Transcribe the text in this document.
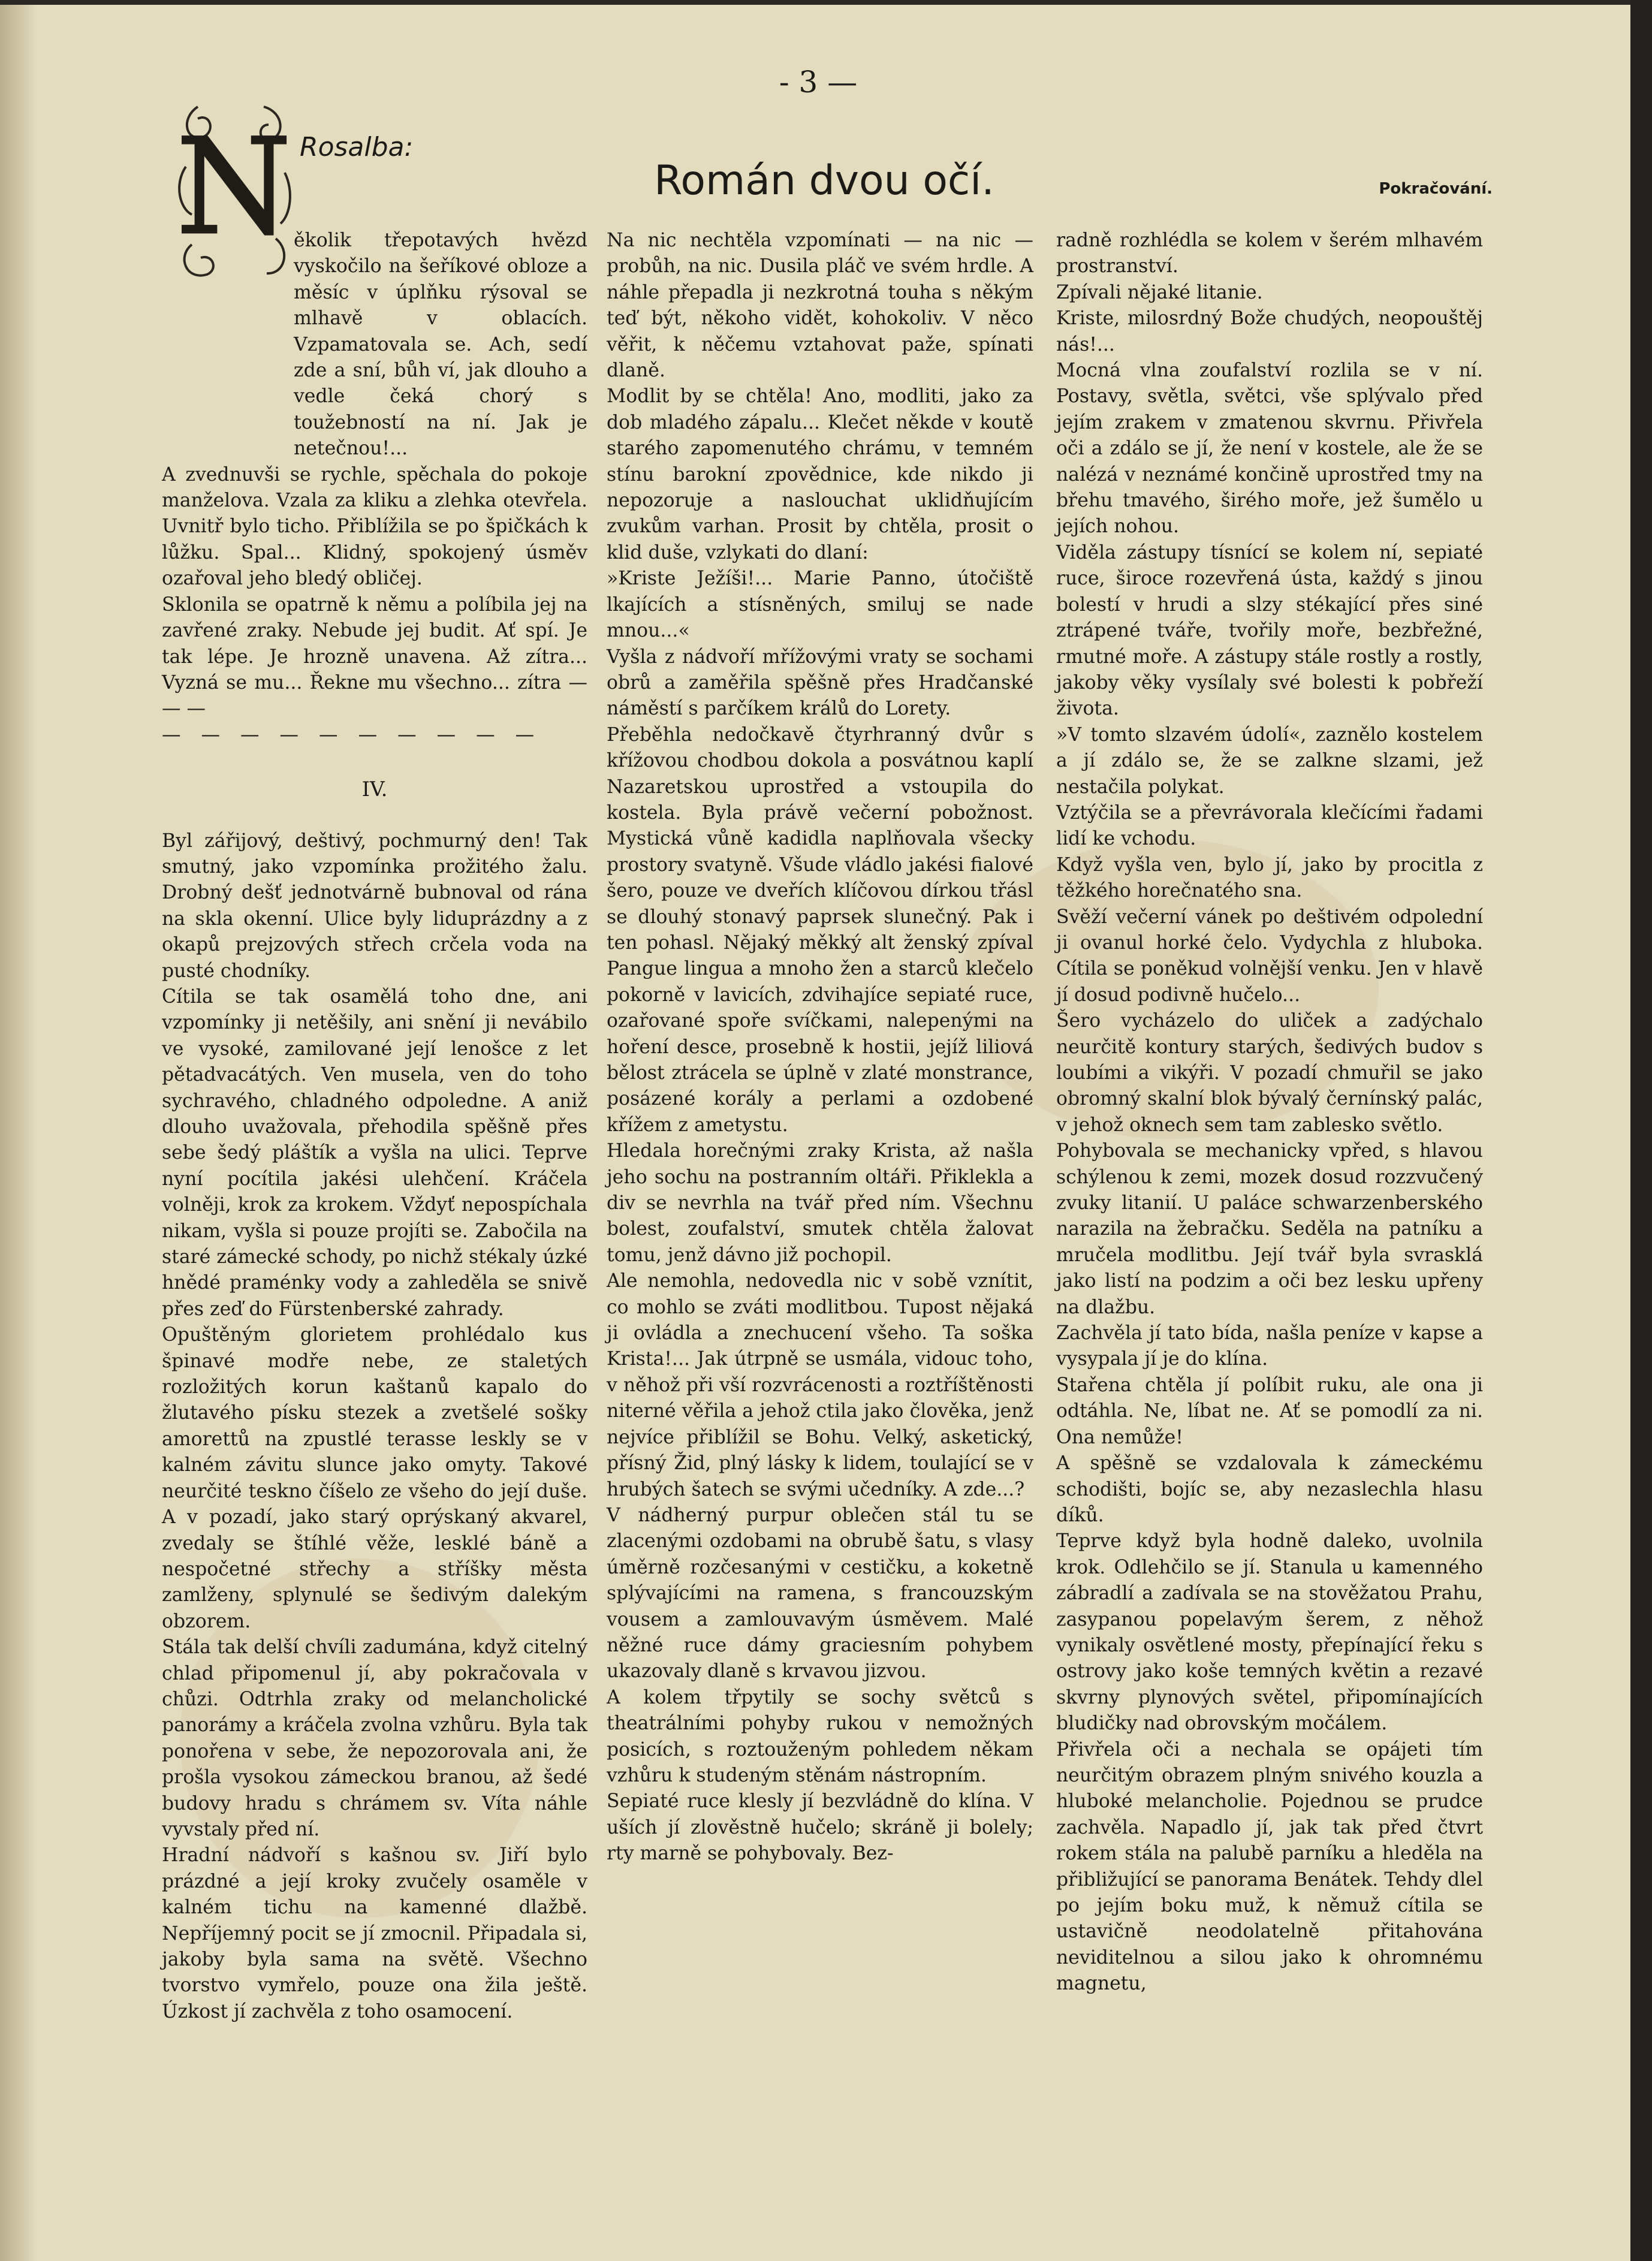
- 3 —
Rosalba:
Román dvou očí.	Pokračování.
N ěkolik třepotavých hvězd vyskočilo na šeříkové obloze a měsíc v úplňku rýsoval se mlhavě v oblacích. Vzpamatovala se. Ach, sedí zde a sní, bůh ví, jak dlouho a vedle čeká chorý s toužebností na ní. Jak je netečnou!...

A zvednuvši se rychle, spěchala do pokoje manželova. Vzala za kliku a zlehka otevřela. Uvnitř bylo ticho. Přiblížila se po špičkách k lůžku. Spal... Klidný, spokojený úsměv ozařoval jeho bledý obličej.

Sklonila se opatrně k němu a políbila jej na zavřené zraky. Nebude jej budit. Ať spí. Je tak lépe. Je hrozně unavena. Až zítra... Vyzná se mu... Řekne mu všechno... zítra — — —

— — — — — — — — — —

IV.

Byl zářijový, deštivý, pochmurný den! Tak smutný, jako vzpomínka prožitého žalu. Drobný dešť jednotvárně bubnoval od rána na skla okenní. Ulice byly liduprázdny a z okapů prejzových střech crčela voda na pusté chodníky.

Cítila se tak osamělá toho dne, ani vzpomínky ji netěšily, ani snění ji nevábilo ve vysoké, zamilované její lenošce z let pětadvacátých. Ven musela, ven do toho sychravého, chladného odpoledne. A aniž dlouho uvažovala, přehodila spěšně přes sebe šedý pláštík a vyšla na ulici. Teprve nyní pocítila jakési ulehčení. Kráčela volněji, krok za krokem. Vždyť nepospíchala nikam, vyšla si pouze projíti se. Zabočila na staré zámecké schody, po nichž stékaly úzké hnědé praménky vody a zahleděla se snivě přes zeď do Fürstenberské zahrady.

Opuštěným glorietem prohlédalo kus špinavé modře nebe, ze staletých rozložitých korun kaštanů kapalo do žlutavého písku stezek a zvetšelé sošky amorettů na zpustlé terasse leskly se v kalném závitu slunce jako omyty. Takové neurčité teskno číšelo ze všeho do její duše. A v pozadí, jako starý oprýskaný akvarel, zvedaly se štíhlé věže, lesklé báně a nespočetné střechy a stříšky města zamlženy, splynulé se šedivým dalekým obzorem.

Stála tak delší chvíli zadumána, když citelný chlad připomenul jí, aby pokračovala v chůzi. Odtrhla zraky od melancholické panorámy a kráčela zvolna vzhůru. Byla tak ponořena v sebe, že nepozorovala ani, že prošla vysokou zámeckou branou, až šedé budovy hradu s chrámem sv. Víta náhle vyvstaly před ní.

Hradní nádvoří s kašnou sv. Jiří bylo prázdné a její kroky zvučely osaměle v kalném tichu na kamenné dlažbě. Nepříjemný pocit se jí zmocnil. Připadala si, jakoby byla sama na světě. Všechno tvorstvo vymřelo, pouze ona žila ještě. Úzkost jí zachvěla z toho osamocení.

Na nic nechtěla vzpomínati — na nic — probůh, na nic. Dusila pláč ve svém hrdle. A náhle přepadla ji nezkrotná touha s někým teď být, někoho vidět, kohokoliv. V něco věřit, k něčemu vztahovat paže, spínati dlaně.

Modlit by se chtěla! Ano, modliti, jako za dob mladého zápalu... Klečet někde v koutě starého zapomenutého chrámu, v temném stínu barokní zpovědnice, kde nikdo ji nepozoruje a naslouchat uklidňujícím zvukům varhan. Prosit by chtěla, prosit o klid duše, vzlykati do dlaní:

»Kriste Ježíši!... Marie Panno, útočiště lkajících a stísněných, smiluj se nade mnou...«

Vyšla z nádvoří mřížovými vraty se sochami obrů a zaměřila spěšně přes Hradčanské náměstí s parčíkem králů do Lorety.

Přeběhla nedočkavě čtyrhranný dvůr s křížovou chodbou dokola a posvátnou kaplí Nazaretskou uprostřed a vstoupila do kostela. Byla právě večerní pobožnost. Mystická vůně kadidla naplňovala všecky prostory svatyně. Všude vládlo jakési fialové šero, pouze ve dveřích klíčovou dírkou třásl se dlouhý stonavý paprsek slunečný. Pak i ten pohasl. Nějaký měkký alt ženský zpíval Pangue lingua a mnoho žen a starců klečelo pokorně v lavicích, zdvihajíce sepiaté ruce, ozařované spoře svíčkami, nalepenými na hoření desce, prosebně k hostii, jejíž liliová bělost ztrácela se úplně v zlaté monstrance, posázené korály a perlami a ozdobené křížem z ametystu.

Hledala horečnými zraky Krista, až našla jeho sochu na postranním oltáři. Přiklekla a div se nevrhla na tvář před ním. Všechnu bolest, zoufalství, smutek chtěla žalovat tomu, jenž dávno již pochopil.

Ale nemohla, nedovedla nic v sobě vznítit, co mohlo se zváti modlitbou. Tupost nějaká ji ovládla a znechucení všeho. Ta soška Krista!... Jak útrpně se usmála, vidouc toho, v něhož při vší rozvrácenosti a roztříštěnosti niterné věřila a jehož ctila jako člověka, jenž nejvíce přiblížil se Bohu. Velký, asketický, přísný Žid, plný lásky k lidem, toulající se v hrubých šatech se svými učedníky. A zde...?

V nádherný purpur oblečen stál tu se zlacenými ozdobami na obrubě šatu, s vlasy úměrně rozčesanými v cestičku, a koketně splývajícími na ramena, s francouzským vousem a zamlouvavým úsměvem. Malé něžné ruce dámy graciesním pohybem ukazovaly dlaně s krvavou jizvou.

A kolem třpytily se sochy světců s theatrálními pohyby rukou v nemožných posicích, s roztouženým pohledem někam vzhůru k studeným stěnám nástropním.

Sepiaté ruce klesly jí bezvládně do klína. V uších jí zlověstně hučelo; skráně ji bolely; rty marně se pohybovaly. Bez-

radně rozhlédla se kolem v šerém mlhavém prostranství.

Zpívali nějaké litanie.

Kriste, milosrdný Bože chudých, neopouštěj nás!...

Mocná vlna zoufalství rozlila se v ní. Postavy, světla, světci, vše splývalo před jejím zrakem v zmatenou skvrnu. Přivřela oči a zdálo se jí, že není v kostele, ale že se nalézá v neznámé končině uprostřed tmy na břehu tmavého, širého moře, jež šumělo u jejích nohou.

Viděla zástupy tísnící se kolem ní, sepiaté ruce, široce rozevřená ústa, každý s jinou bolestí v hrudi a slzy stékající přes siné ztrápené tváře, tvořily moře, bezbřežné, rmutné moře. A zástupy stále rostly a rostly, jakoby věky vysílaly své bolesti k pobřeží života.

»V tomto slzavém údolí«, zaznělo kostelem a jí zdálo se, že se zalkne slzami, jež nestačila polykat.

Vztýčila se a převrávorala klečícími řadami lidí ke vchodu.

Když vyšla ven, bylo jí, jako by procitla z těžkého horečnatého sna.

Svěží večerní vánek po deštivém odpolední ji ovanul horké čelo. Vydychla z hluboka. Cítila se poněkud volnější venku. Jen v hlavě jí dosud podivně hučelo...

Šero vycházelo do uliček a zadýchalo neurčitě kontury starých, šedivých budov s loubími a vikýři. V pozadí chmuřil se jako obromný skalní blok bývalý černínský palác, v jehož oknech sem tam zablesko světlo.

Pohybovala se mechanicky vpřed, s hlavou schýlenou k zemi, mozek dosud rozzvučený zvuky litanií. U paláce schwarzenberského narazila na žebračku. Seděla na patníku a mručela modlitbu. Její tvář byla svrasklá jako listí na podzim a oči bez lesku upřeny na dlažbu.

Zachvěla jí tato bída, našla peníze v kapse a vysypala jí je do klína.

Stařena chtěla jí políbit ruku, ale ona ji odtáhla. Ne, líbat ne. Ať se pomodlí za ni. Ona nemůže!

A spěšně se vzdalovala k zámeckému schodišti, bojíc se, aby nezaslechla hlasu díků.

Teprve když byla hodně daleko, uvolnila krok. Odlehčilo se jí. Stanula u kamenného zábradlí a zadívala se na stověžatou Prahu, zasypanou popelavým šerem, z něhož vynikaly osvětlené mosty, přepínající řeku s ostrovy jako koše temných květin a rezavé skvrny plynových světel, připomínajících bludičky nad obrovským močálem.

Přivřela oči a nechala se opájeti tím neurčitým obrazem plným snivého kouzla a hluboké melancholie. Pojednou se prudce zachvěla. Napadlo jí, jak tak před čtvrt rokem stála na palubě parníku a hleděla na přibližující se panorama Benátek. Tehdy dlel po jejím boku muž, k němuž cítila se ustavičně neodolatelně přitahována neviditelnou a silou jako k ohromnému magnetu,
